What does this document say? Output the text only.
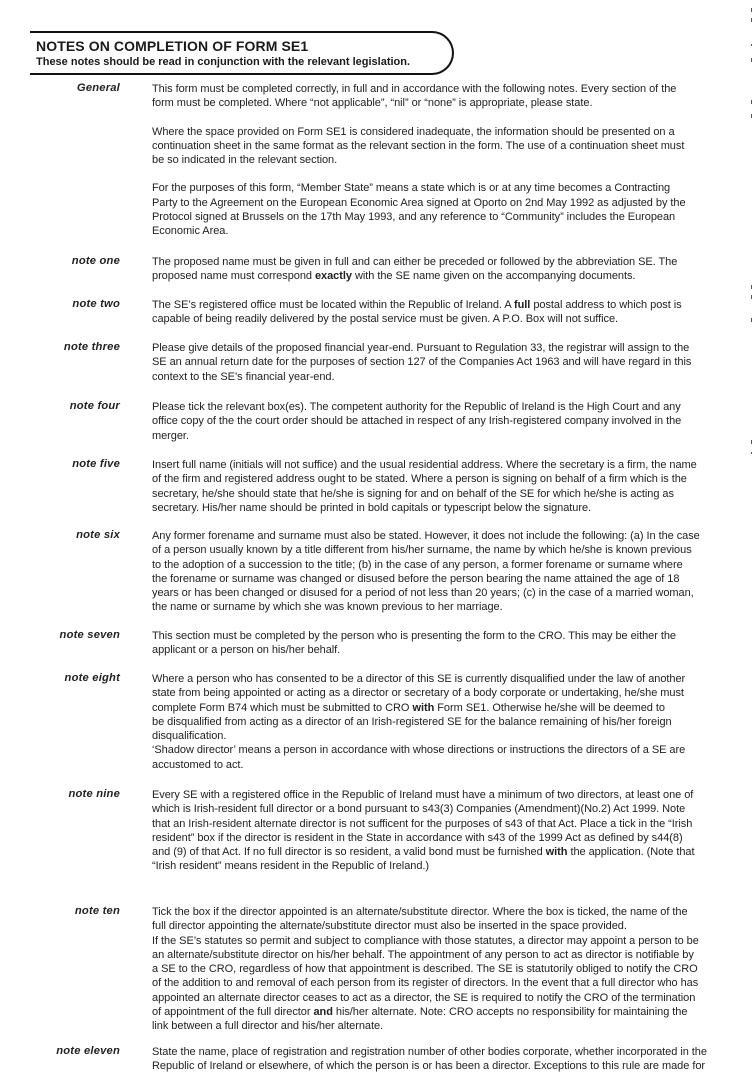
NOTES ON COMPLETION OF FORM SE1
These notes should be read in conjunction with the relevant legislation.
General	This form must be completed correctly, in full and in accordance with the following notes. Every section of the
form must be completed. Where “not applicable”, “nil” or “none” is appropriate, please state.
Where the space provided on Form SE1 is considered inadequate, the information should be presented on a
continuation sheet in the same format as the relevant section in the form. The use of a continuation sheet must
be so indicated in the relevant section.
For the purposes of this form, “Member State” means a state which is or at any time becomes a Contracting
Party to the Agreement on the European Economic Area signed at Oporto on 2nd May 1992 as adjusted by the
Protocol signed at Brussels on the 17th May 1993, and any reference to “Community” includes the European
Economic Area.
note one	The proposed name must be given in full and can either be preceded or followed by the abbreviation SE. The
proposed name must correspond exactly with the SE name given on the accompanying documents.
note two	The SE’s registered office must be located within the Republic of Ireland. A full postal address to which post is
capable of being readily delivered by the postal service must be given. A P.O. Box will not suffice.
note three	Please give details of the proposed financial year-end. Pursuant to Regulation 33, the registrar will assign to the
SE an annual return date for the purposes of section 127 of the Companies Act 1963 and will have regard in this
context to the SE’s financial year-end.
note four	Please tick the relevant box(es). The competent authority for the Republic of Ireland is the High Court and any
office copy of the the court order should be attached in respect of any Irish-registered company involved in the
merger.
note five	Insert full name (initials will not suffice) and the usual residential address. Where the secretary is a firm, the name
of the firm and registered address ought to be stated. Where a person is signing on behalf of a firm which is the
secretary, he/she should state that he/she is signing for and on behalf of the SE for which he/she is acting as
secretary. His/her name should be printed in bold capitals or typescript below the signature.
note six	Any former forename and surname must also be stated. However, it does not include the following: (a) In the case
of a person usually known by a title different from his/her surname, the name by which he/she is known previous
to the adoption of a succession to the title; (b) in the case of any person, a former forename or surname where
the forename or surname was changed or disused before the person bearing the name attained the age of 18
years or has been changed or disused for a period of not less than 20 years; (c) in the case of a married woman,
the name or surname by which she was known previous to her marriage.
note seven	This section must be completed by the person who is presenting the form to the CRO. This may be either the
applicant or a person on his/her behalf.
note eight	Where a person who has consented to be a director of this SE is currently disqualified under the law of another
state from being appointed or acting as a director or secretary of a body corporate or undertaking, he/she must
complete Form B74 which must be submitted to CRO with Form SE1. Otherwise he/she will be deemed to
be disqualified from acting as a director of an Irish-registered SE for the balance remaining of his/her foreign
disqualification.
‘Shadow director’ means a person in accordance with whose directions or instructions the directors of a SE are
accustomed to act.
note nine	Every SE with a registered office in the Republic of Ireland must have a minimum of two directors, at least one of
which is Irish-resident full director or a bond pursuant to s43(3) Companies (Amendment)(No.2) Act 1999. Note
that an Irish-resident alternate director is not sufficent for the purposes of s43 of that Act. Place a tick in the “Irish
resident” box if the director is resident in the State in accordance with s43 of the 1999 Act as defined by s44(8)
and (9) of that Act. If no full director is so resident, a valid bond must be furnished with the application. (Note that
“Irish resident” means resident in the Republic of Ireland.)
note ten	Tick the box if the director appointed is an alternate/substitute director. Where the box is ticked, the name of the
full director appointing the alternate/substitute director must also be inserted in the space provided.
If the SE’s statutes so permit and subject to compliance with those statutes, a director may appoint a person to be
an alternate/substitute director on his/her behalf. The appointment of any person to act as director is notifiable by
a SE to the CRO, regardless of how that appointment is described. The SE is statutorily obliged to notify the CRO
of the addition to and removal of each person from its register of directors. In the event that a full director who has
appointed an alternate director ceases to act as a director, the SE is required to notify the CRO of the termination
of appointment of the full director and his/her alternate. Note: CRO accepts no responsibility for maintaining the
link between a full director and his/her alternate.
note eleven	State the name, place of registration and registration number of other bodies corporate, whether incorporated in the
Republic of Ireland or elsewhere, of which the person is or has been a director. Exceptions to this rule are made for
